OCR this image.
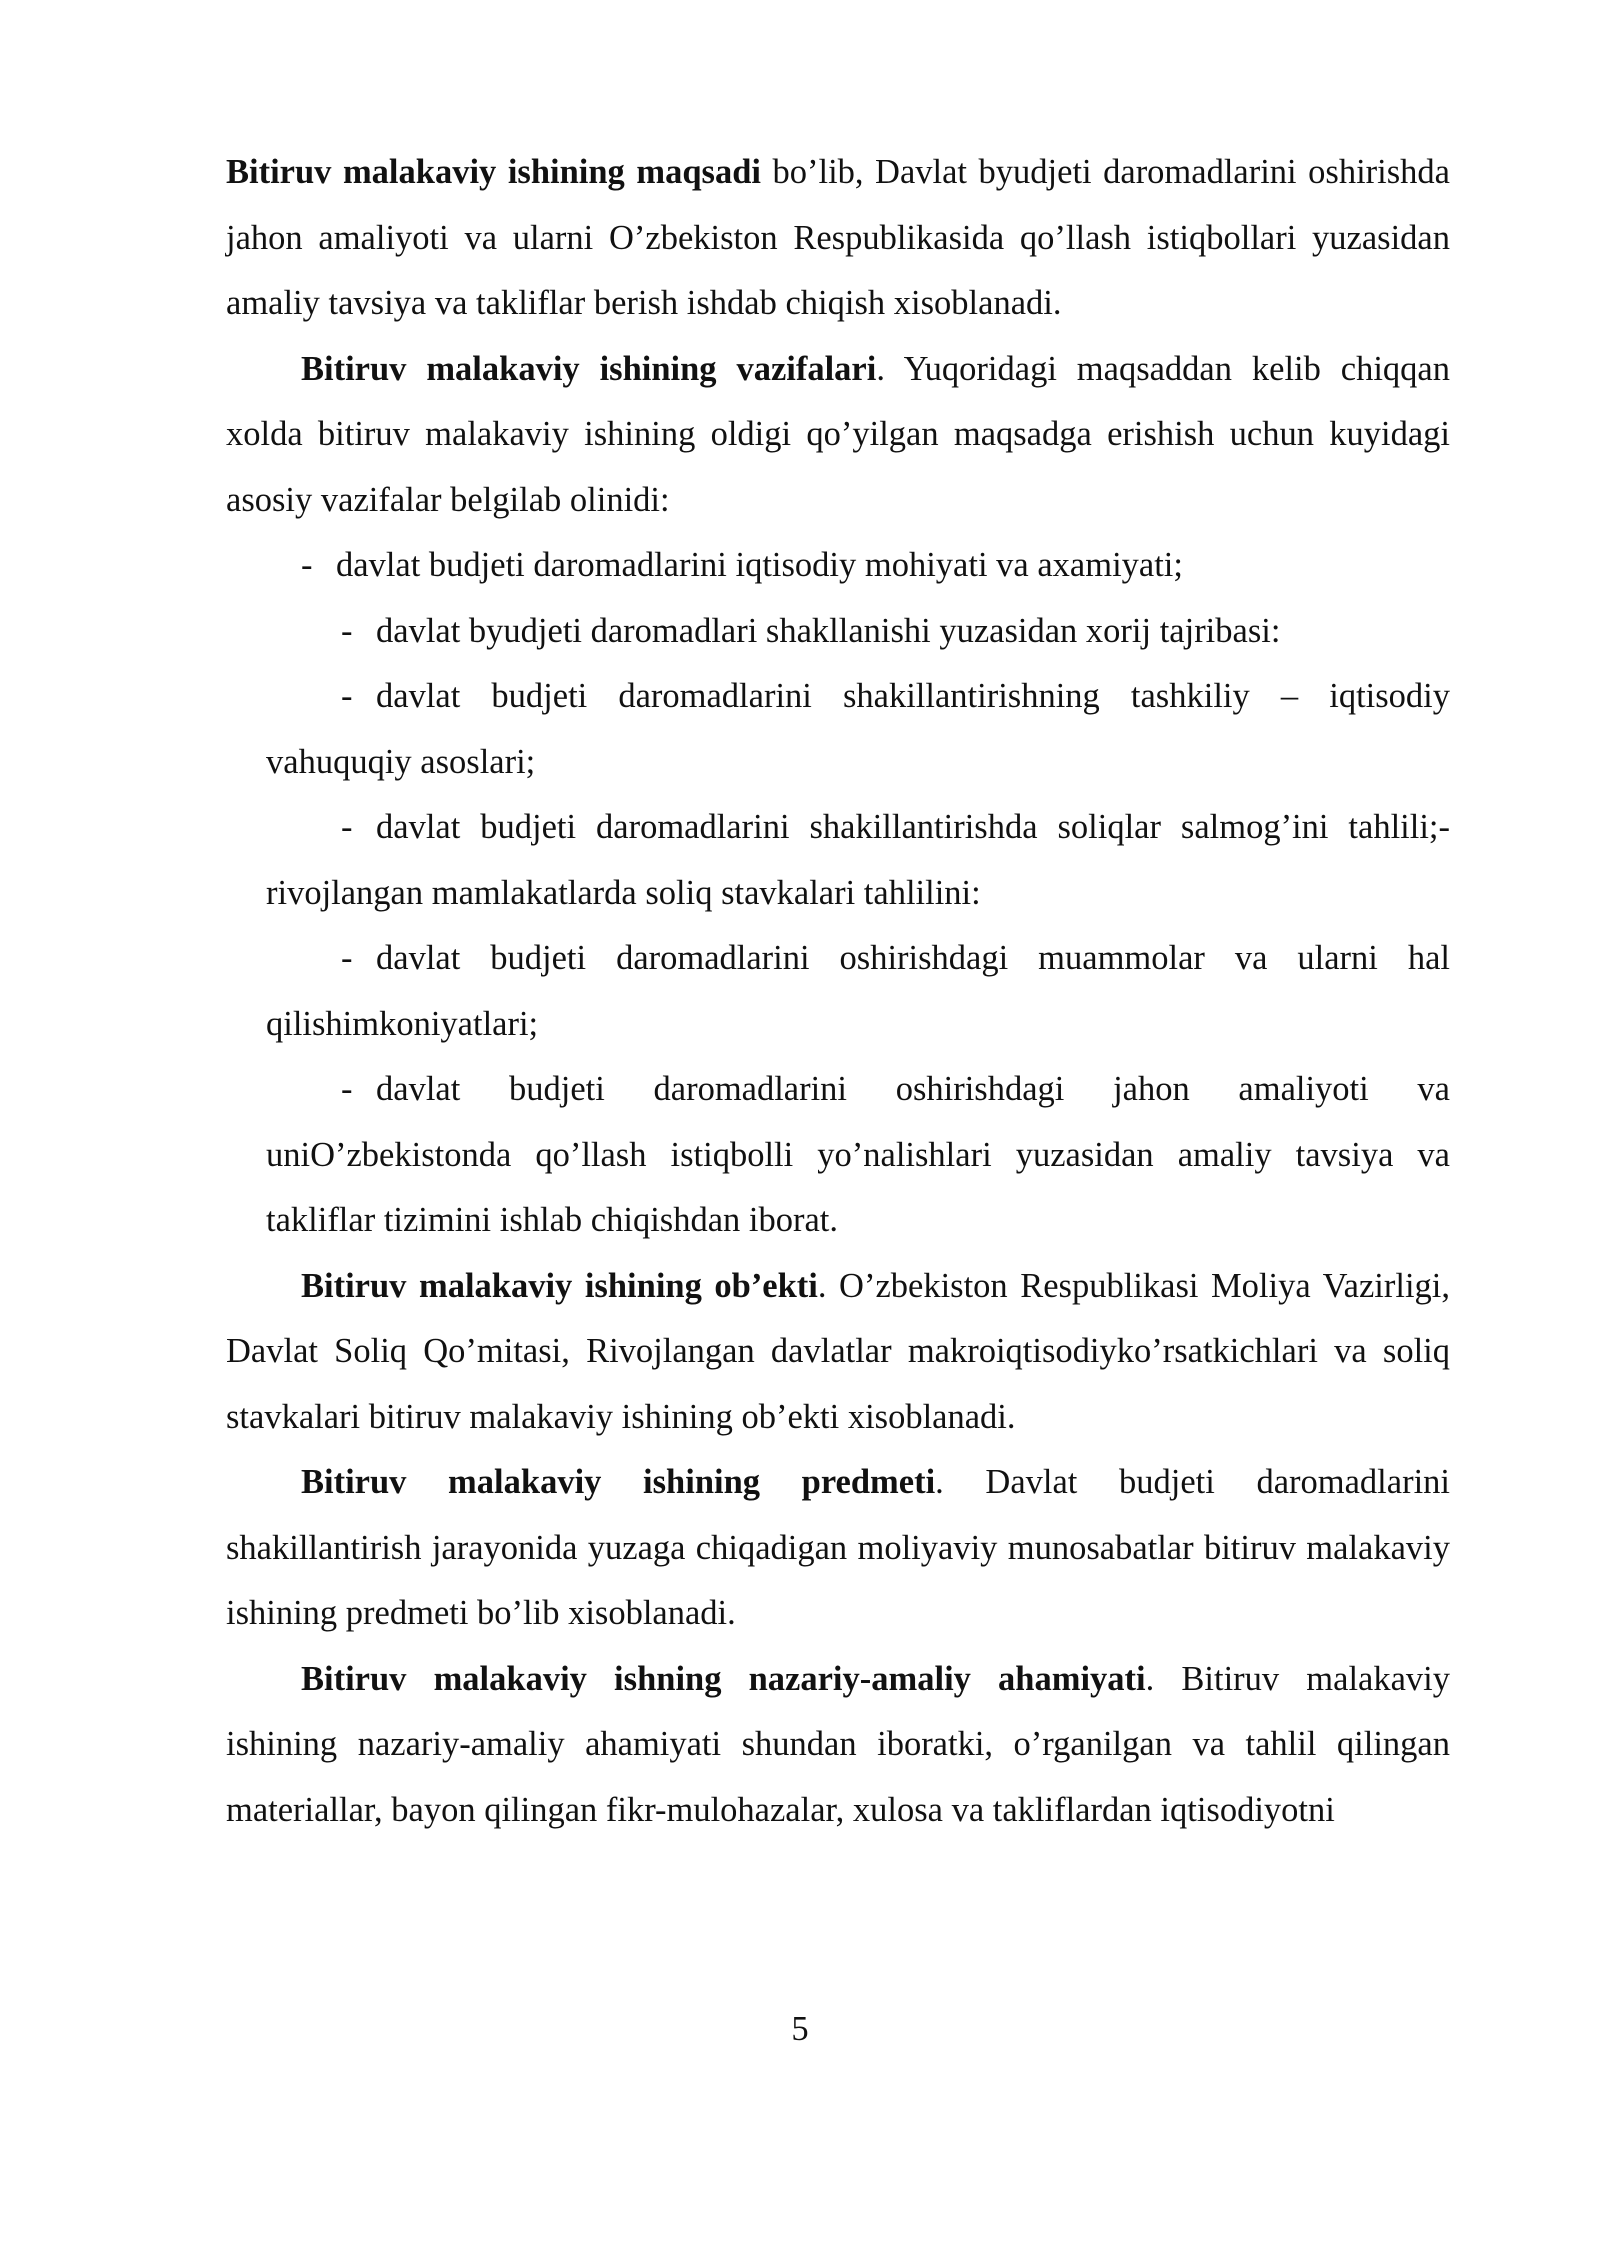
Bitiruv malakaviy ishining maqsadi bo’lib, Davlat byudjeti daromadlarini oshirishda jahon amaliyoti va ularni O’zbekiston Respublikasida qo’llash istiqbollari yuzasidan amaliy tavsiya va takliflar berish ishdab chiqish xisoblanadi.

Bitiruv malakaviy ishining vazifalari. Yuqoridagi maqsaddan kelib chiqqan xolda bitiruv malakaviy ishining oldigi qo’yilgan maqsadga erishish uchun kuyidagi asosiy vazifalar belgilab olinidi:

- davlat budjeti daromadlarini iqtisodiy mohiyati va axamiyati;

- davlat byudjeti daromadlari shakllanishi yuzasidan xorij tajribasi:

- davlat budjeti daromadlarini shakillantirishning tashkiliy – iqtisodiy vahuquqiy asoslari;

- davlat budjeti daromadlarini shakillantirishda soliqlar salmog’ini tahlili;- rivojlangan mamlakatlarda soliq stavkalari tahlilini:

- davlat budjeti daromadlarini oshirishdagi muammolar va ularni hal qilishimkoniyatlari;

- davlat budjeti daromadlarini oshirishdagi jahon amaliyoti va uniO’zbekistonda qo’llash istiqbolli yo’nalishlari yuzasidan amaliy tavsiya va takliflar tizimini ishlab chiqishdan iborat.

Bitiruv malakaviy ishining ob’ekti. O’zbekiston Respublikasi Moliya Vazirligi, Davlat Soliq Qo’mitasi, Rivojlangan davlatlar makroiqtisodiyko’rsatkichlari va soliq stavkalari bitiruv malakaviy ishining ob’ekti xisoblanadi.

Bitiruv malakaviy ishining predmeti. Davlat budjeti daromadlarini shakillantirish jarayonida yuzaga chiqadigan moliyaviy munosabatlar bitiruv malakaviy ishining predmeti bo’lib xisoblanadi.

Bitiruv malakaviy ishning nazariy-amaliy ahamiyati. Bitiruv malakaviy ishining nazariy-amaliy ahamiyati shundan iboratki, o’rganilgan va tahlil qilingan materiallar, bayon qilingan fikr-mulohazalar, xulosa va takliflardan iqtisodiyotni

5
